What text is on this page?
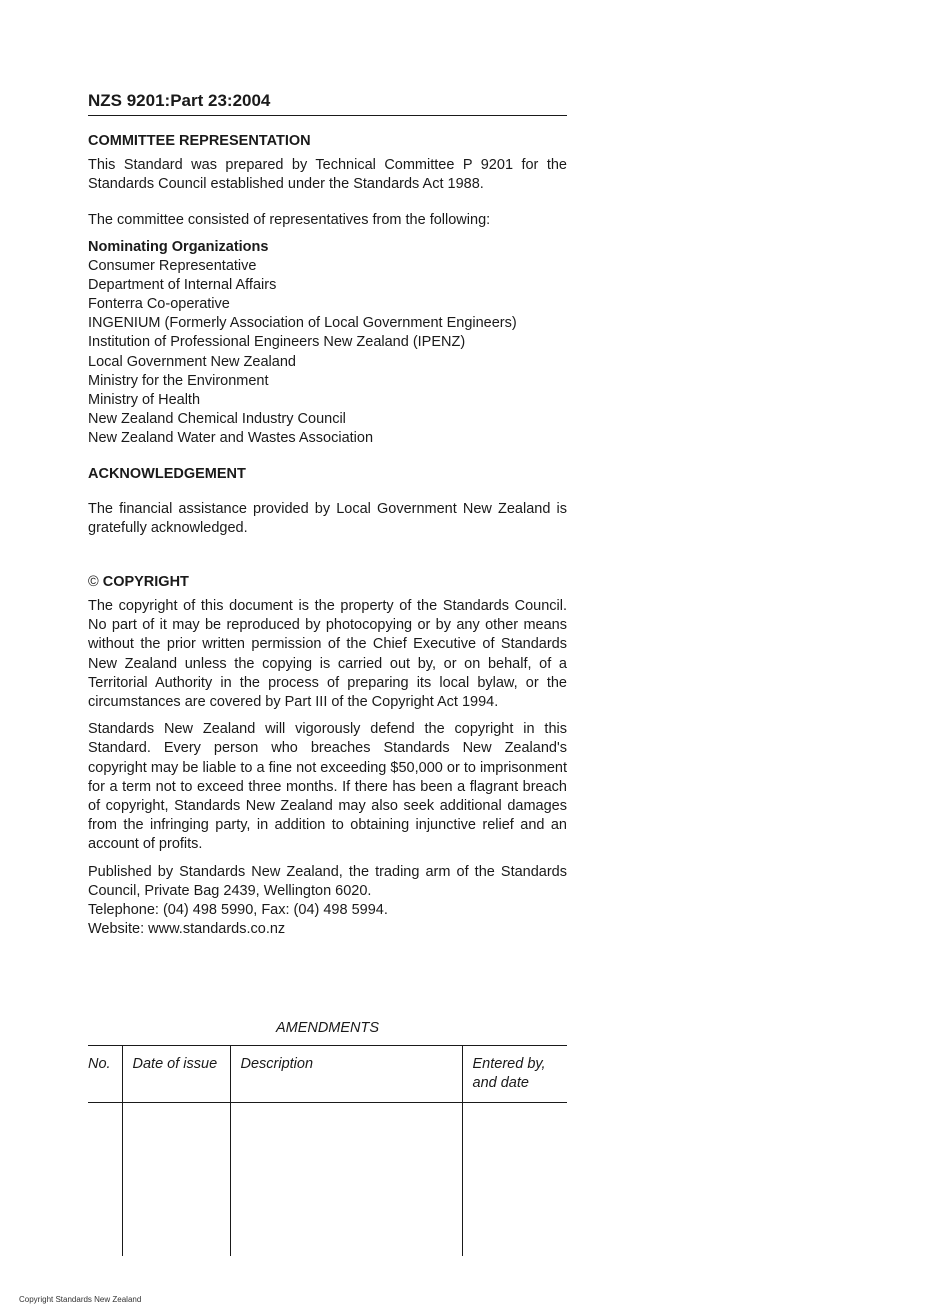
NZS 9201:Part 23:2004
COMMITTEE REPRESENTATION

This Standard was prepared by Technical Committee P 9201 for the Standards Council established under the Standards Act 1988.

The committee consisted of representatives from the following:

Nominating Organizations
Consumer Representative
Department of Internal Affairs
Fonterra Co-operative
INGENIUM (Formerly Association of Local Government Engineers)
Institution of Professional Engineers New Zealand (IPENZ)
Local Government New Zealand
Ministry for the Environment
Ministry of Health
New Zealand Chemical Industry Council
New Zealand Water and Wastes Association
ACKNOWLEDGEMENT

The financial assistance provided by Local Government New Zealand is gratefully acknowledged.

© COPYRIGHT

The copyright of this document is the property of the Standards Council. No part of it may be reproduced by photocopying or by any other means without the prior written permission of the Chief Executive of Standards New Zealand unless the copying is carried out by, or on behalf, of a Territorial Authority in the process of preparing its local bylaw, or the circumstances are covered by Part III of the Copyright Act 1994.

Standards New Zealand will vigorously defend the copyright in this Standard. Every person who breaches Standards New Zealand's copyright may be liable to a fine not exceeding $50,000 or to imprisonment for a term not to exceed three months. If there has been a flagrant breach of copyright, Standards New Zealand may also seek additional damages from the infringing party, in addition to obtaining injunctive relief and an account of profits.

Published by Standards New Zealand, the trading arm of the Standards Council, Private Bag 2439, Wellington 6020.

Telephone: (04) 498 5990, Fax: (04) 498 5994.
Website: www.standards.co.nz
AMENDMENTS
No.	Date of issue	Description	Entered by, and date

Copyright Standards New Zealand
